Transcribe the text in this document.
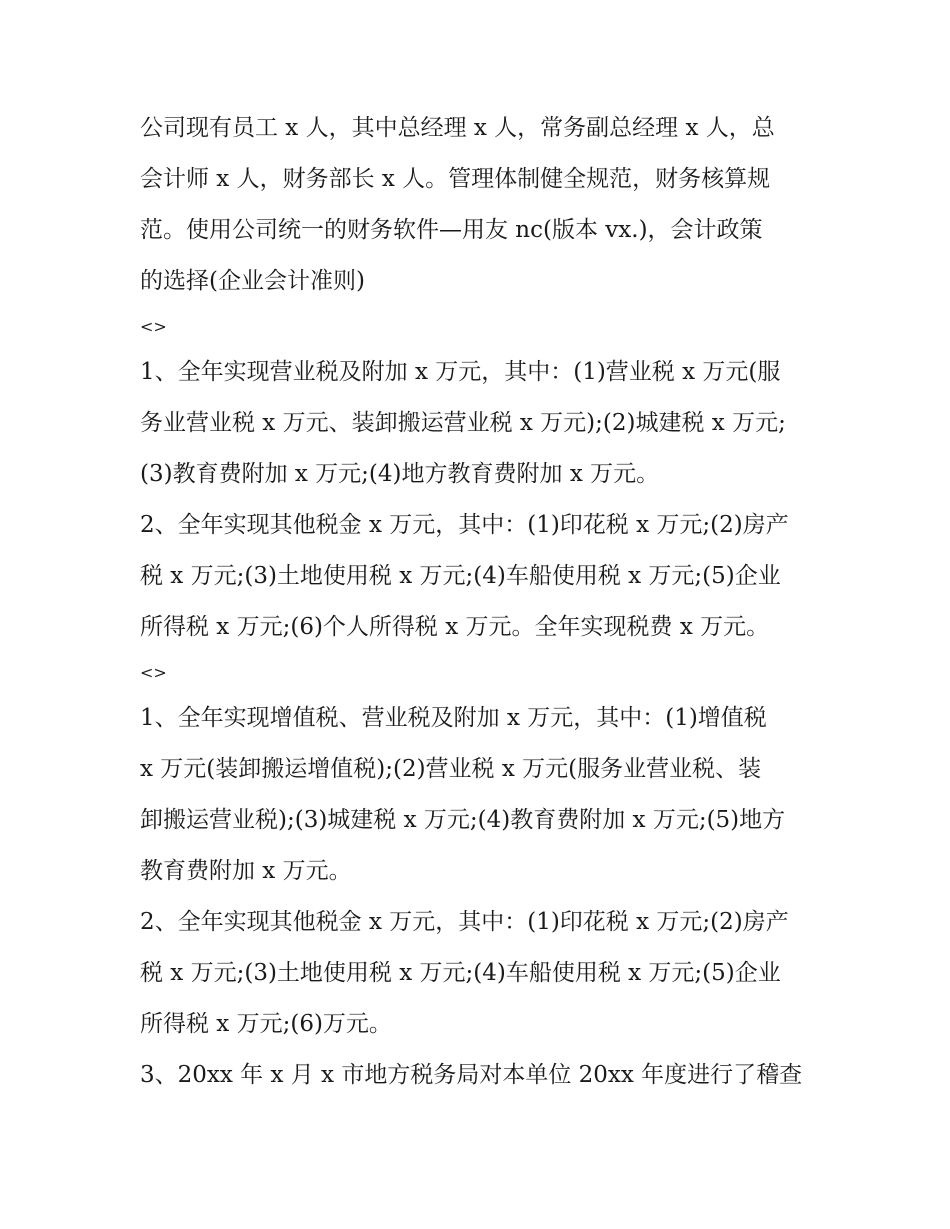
公司现有员工 x 人，其中总经理 x 人，常务副总经理 x 人，总
会计师 x 人，财务部长 x 人。管理体制健全规范，财务核算规
范。使用公司统一的财务软件—用友 nc(版本 vx.)，会计政策
的选择(企业会计准则)
<>
1、全年实现营业税及附加 x 万元，其中：(1)营业税 x 万元(服
务业营业税 x 万元、装卸搬运营业税 x 万元);(2)城建税 x 万元;
(3)教育费附加 x 万元;(4)地方教育费附加 x 万元。
2、全年实现其他税金 x 万元，其中：(1)印花税 x 万元;(2)房产
税 x 万元;(3)土地使用税 x 万元;(4)车船使用税 x 万元;(5)企业
所得税 x 万元;(6)个人所得税 x 万元。全年实现税费 x 万元。
<>
1、全年实现增值税、营业税及附加 x 万元，其中：(1)增值税
x 万元(装卸搬运增值税);(2)营业税 x 万元(服务业营业税、装
卸搬运营业税);(3)城建税 x 万元;(4)教育费附加 x 万元;(5)地方
教育费附加 x 万元。
2、全年实现其他税金 x 万元，其中：(1)印花税 x 万元;(2)房产
税 x 万元;(3)土地使用税 x 万元;(4)车船使用税 x 万元;(5)企业
所得税 x 万元;(6)万元。
3、20xx 年 x 月 x 市地方税务局对本单位 20xx 年度进行了稽查
